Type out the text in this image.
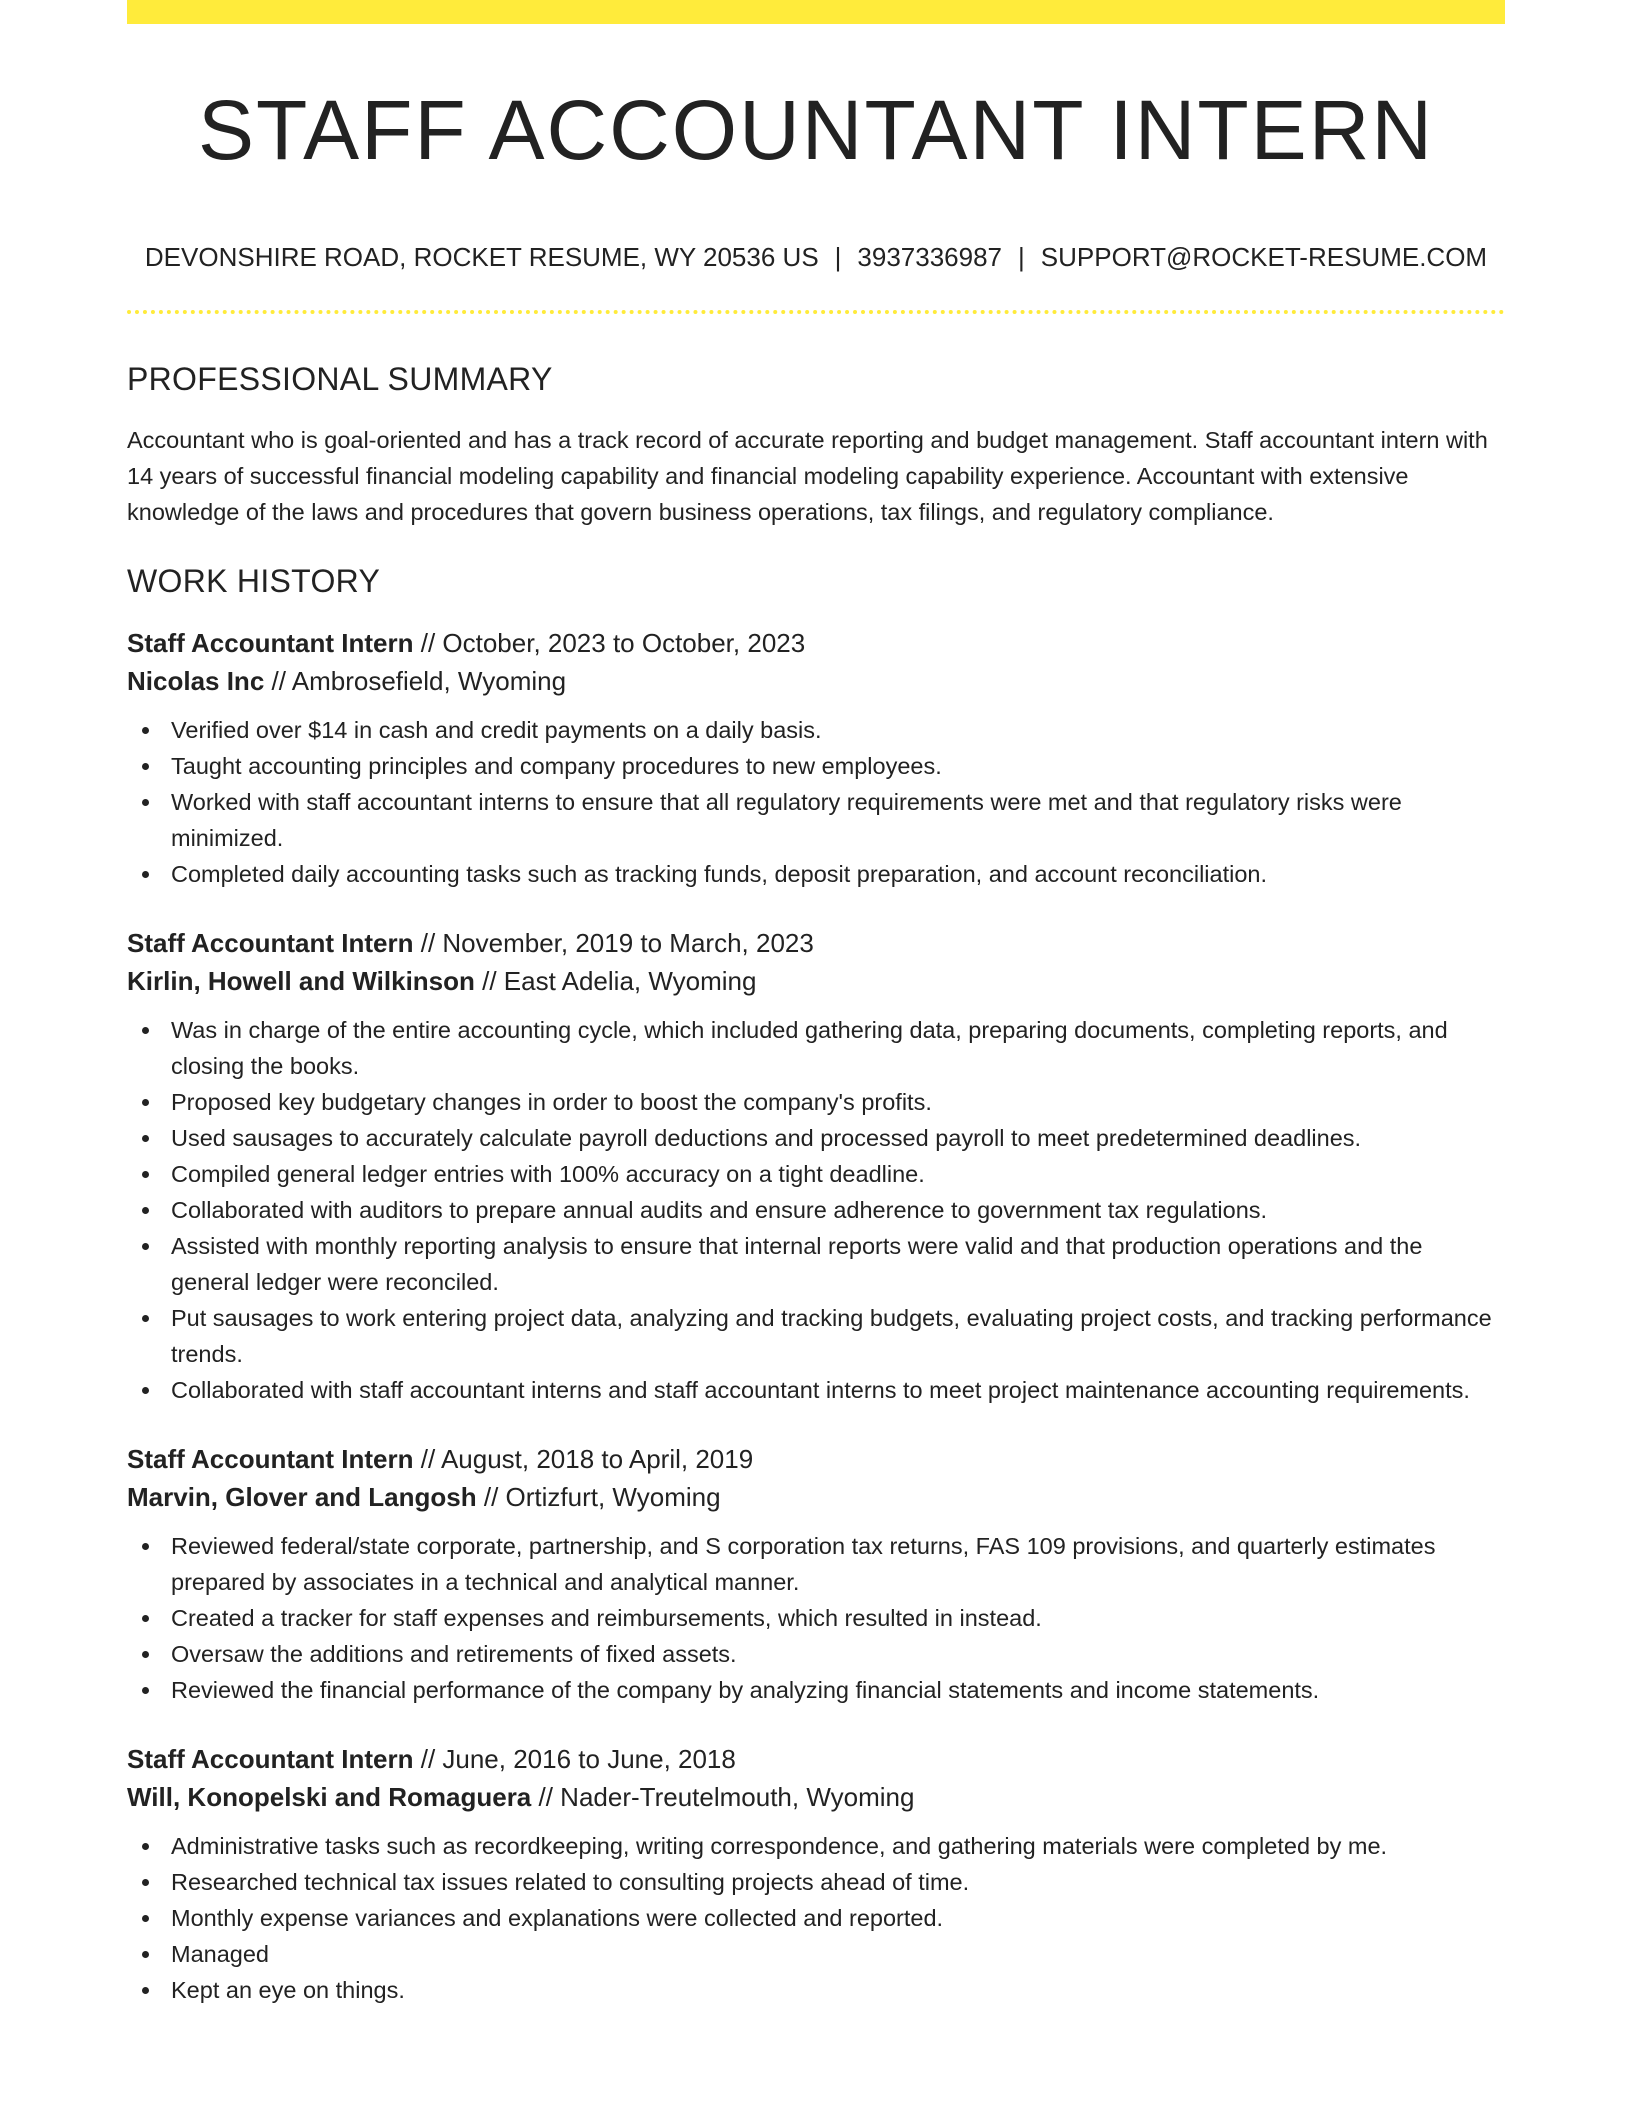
STAFF ACCOUNTANT INTERN
DEVONSHIRE ROAD, ROCKET RESUME, WY 20536 US | 3937336987 | SUPPORT@ROCKET-RESUME.COM
PROFESSIONAL SUMMARY

Accountant who is goal-oriented and has a track record of accurate reporting and budget management. Staff accountant intern with 14 years of successful financial modeling capability and financial modeling capability experience. Accountant with extensive knowledge of the laws and procedures that govern business operations, tax filings, and regulatory compliance.

WORK HISTORY
Staff Accountant Intern // October, 2023 to October, 2023
Nicolas Inc // Ambrosefield, Wyoming
Verified over $14 in cash and credit payments on a daily basis.
Taught accounting principles and company procedures to new employees.
Worked with staff accountant interns to ensure that all regulatory requirements were met and that regulatory risks were minimized.
Completed daily accounting tasks such as tracking funds, deposit preparation, and account reconciliation.
Staff Accountant Intern // November, 2019 to March, 2023
Kirlin, Howell and Wilkinson // East Adelia, Wyoming
Was in charge of the entire accounting cycle, which included gathering data, preparing documents, completing reports, and closing the books.
Proposed key budgetary changes in order to boost the company's profits.
Used sausages to accurately calculate payroll deductions and processed payroll to meet predetermined deadlines.
Compiled general ledger entries with 100% accuracy on a tight deadline.
Collaborated with auditors to prepare annual audits and ensure adherence to government tax regulations.
Assisted with monthly reporting analysis to ensure that internal reports were valid and that production operations and the general ledger were reconciled.
Put sausages to work entering project data, analyzing and tracking budgets, evaluating project costs, and tracking performance trends.
Collaborated with staff accountant interns and staff accountant interns to meet project maintenance accounting requirements.
Staff Accountant Intern // August, 2018 to April, 2019
Marvin, Glover and Langosh // Ortizfurt, Wyoming
Reviewed federal/state corporate, partnership, and S corporation tax returns, FAS 109 provisions, and quarterly estimates prepared by associates in a technical and analytical manner.
Created a tracker for staff expenses and reimbursements, which resulted in instead.
Oversaw the additions and retirements of fixed assets.
Reviewed the financial performance of the company by analyzing financial statements and income statements.
Staff Accountant Intern // June, 2016 to June, 2018
Will, Konopelski and Romaguera // Nader-Treutelmouth, Wyoming
Administrative tasks such as recordkeeping, writing correspondence, and gathering materials were completed by me.
Researched technical tax issues related to consulting projects ahead of time.
Monthly expense variances and explanations were collected and reported.
Managed
Kept an eye on things.
